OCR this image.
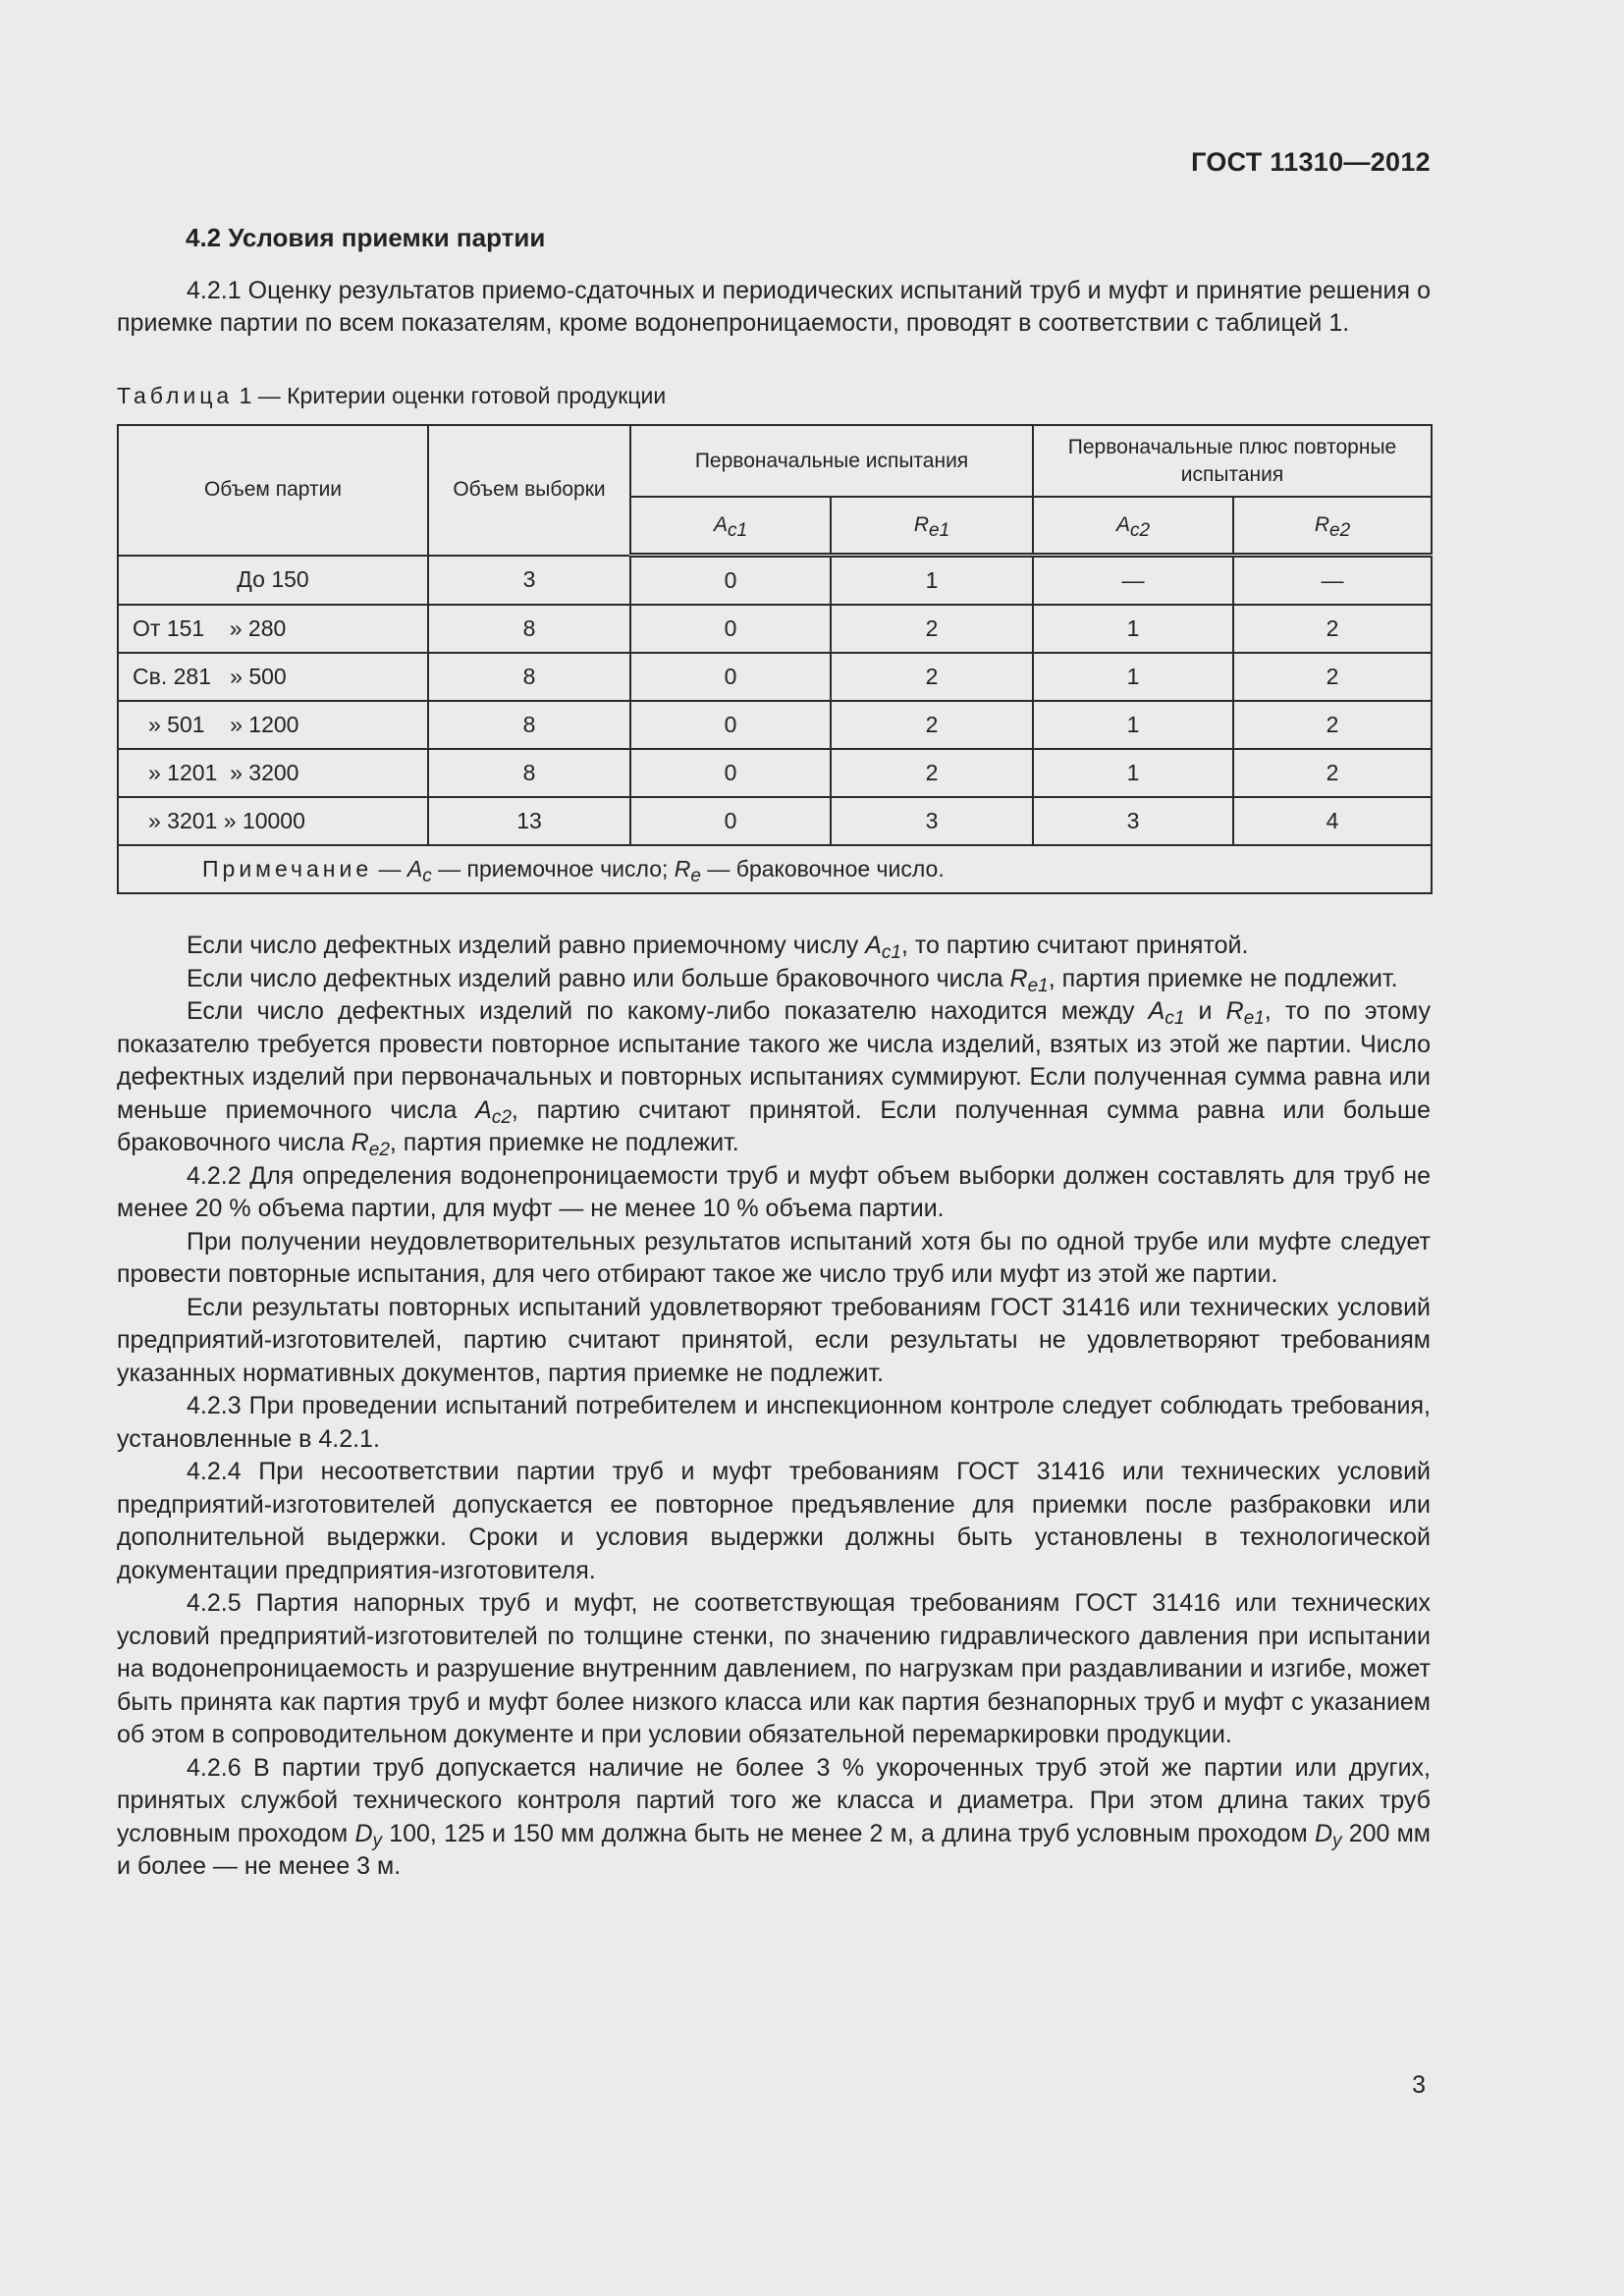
ГОСТ 11310—2012
4.2 Условия приемки партии

4.2.1 Оценку результатов приемо-сдаточных и периодических испытаний труб и муфт и принятие решения о приемке партии по всем показателям, кроме водонепроницаемости, проводят в соответствии с таблицей 1.

Таблица 1 — Критерии оценки готовой продукции
Объем партии	Объем выборки	Первоначальные испытания		Первоначальные плюс повторные испытания	
		$A_{c1}$	$R_{e1}$	$A_{c2}$	$R_{e2}$
До 150	3	0	1	—	—
От 151    » 280	8	0	2	1	2
Св. 281   » 500	8	0	2	1	2
» 501    » 1200	8	0	2	1	2
» 1201  » 3200	8	0	2	1	2
» 3201 » 10000	13	0	3	3	4
Примечание — $A_c$ — приемочное число; $R_e$ — браковочное число.					

Если число дефектных изделий равно приемочному числу $A_{c1}$, то партию считают принятой.

Если число дефектных изделий равно или больше браковочного числа $R_{e1}$, партия приемке не подлежит.

Если число дефектных изделий по какому-либо показателю находится между $A_{c1}$ и $R_{e1}$, то по этому показателю требуется провести повторное испытание такого же числа изделий, взятых из этой же партии. Число дефектных изделий при первоначальных и повторных испытаниях суммируют. Если полученная сумма равна или меньше приемочного числа $A_{c2}$, партию считают принятой. Если полученная сумма равна или больше браковочного числа $R_{e2}$, партия приемке не подлежит.

4.2.2 Для определения водонепроницаемости труб и муфт объем выборки должен составлять для труб не менее 20 % объема партии, для муфт — не менее 10 % объема партии.

При получении неудовлетворительных результатов испытаний хотя бы по одной трубе или муфте следует провести повторные испытания, для чего отбирают такое же число труб или муфт из этой же партии.

Если результаты повторных испытаний удовлетворяют требованиям ГОСТ 31416 или технических условий предприятий-изготовителей, партию считают принятой, если результаты не удовлетворяют требованиям указанных нормативных документов, партия приемке не подлежит.

4.2.3 При проведении испытаний потребителем и инспекционном контроле следует соблюдать требования, установленные в 4.2.1.

4.2.4 При несоответствии партии труб и муфт требованиям ГОСТ 31416 или технических условий предприятий-изготовителей допускается ее повторное предъявление для приемки после разбраковки или дополнительной выдержки. Сроки и условия выдержки должны быть установлены в технологической документации предприятия-изготовителя.

4.2.5 Партия напорных труб и муфт, не соответствующая требованиям ГОСТ 31416 или технических условий предприятий-изготовителей по толщине стенки, по значению гидравлического давления при испытании на водонепроницаемость и разрушение внутренним давлением, по нагрузкам при раздавливании и изгибе, может быть принята как партия труб и муфт более низкого класса или как партия безнапорных труб и муфт с указанием об этом в сопроводительном документе и при условии обязательной перемаркировки продукции.

4.2.6 В партии труб допускается наличие не более 3 % укороченных труб этой же партии или других, принятых службой технического контроля партий того же класса и диаметра. При этом длина таких труб условным проходом $D_у$ 100, 125 и 150 мм должна быть не менее 2 м, а длина труб условным проходом $D_у$ 200 мм и более — не менее 3 м.

3
